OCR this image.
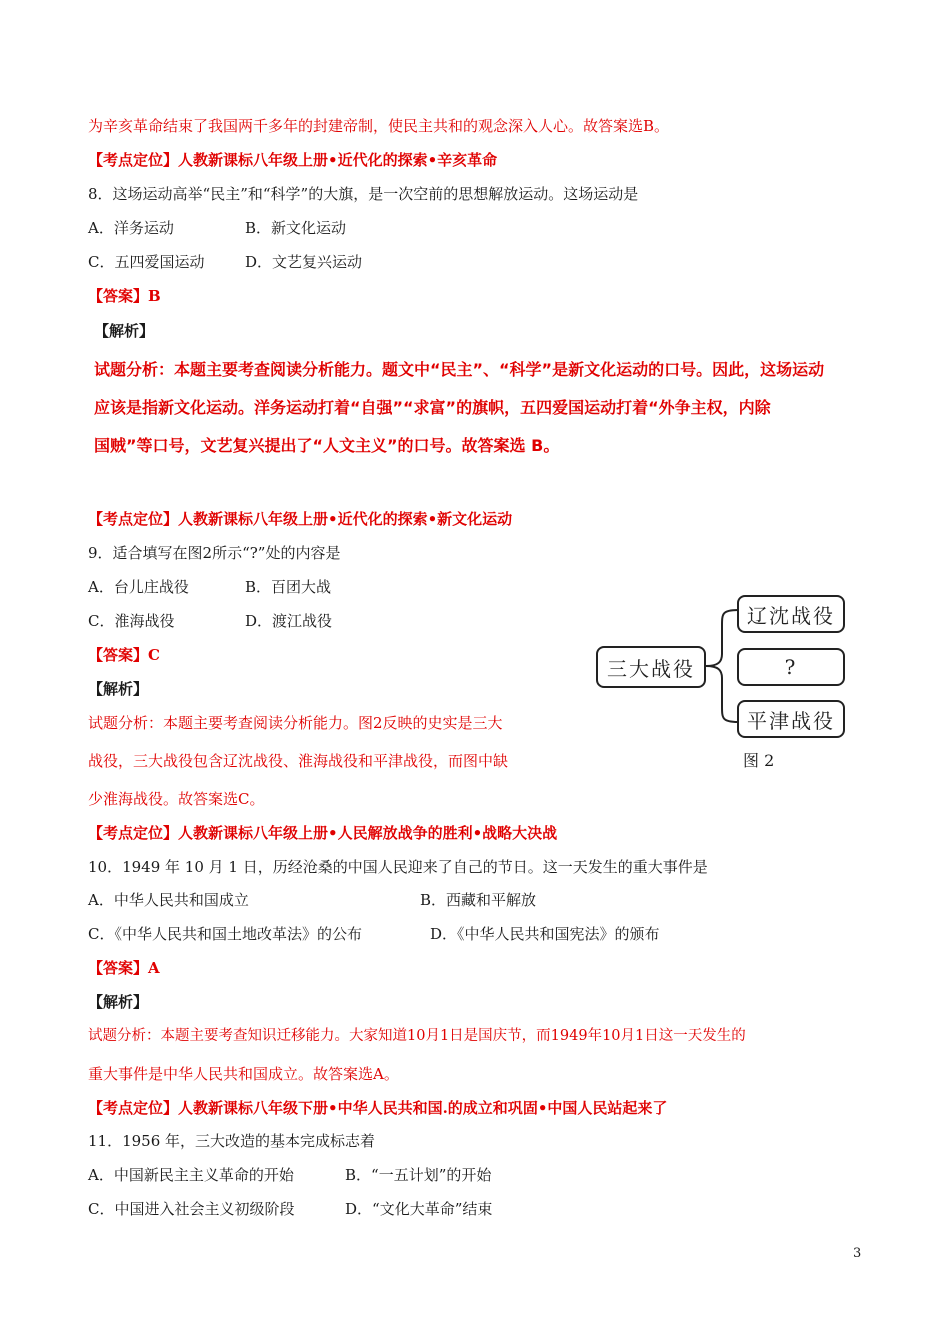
为辛亥革命结束了我国两千多年的封建帝制，使民主共和的观念深入人心。故答案选B。
【考点定位】人教新课标八年级上册•近代化的探索•辛亥革命
8．这场运动高举“民主”和“科学”的大旗，是一次空前的思想解放运动。这场运动是
A．洋务运动	B．新文化运动
C．五四爱国运动	D．文艺复兴运动
【答案】B
【解析】
试题分析：本题主要考查阅读分析能力。题文中“民主”、“科学”是新文化运动的口号。因此，这场运动
应该是指新文化运动。洋务运动打着“自强”“求富”的旗帜，五四爱国运动打着“外争主权，内除
国贼”等口号，文艺复兴提出了“人文主义”的口号。故答案选 B。
【考点定位】人教新课标八年级上册•近代化的探索•新文化运动
9．适合填写在图2所示“?”处的内容是
A．台儿庄战役	B．百团大战
C．淮海战役	D．渡江战役
【答案】C
【解析】
试题分析：本题主要考查阅读分析能力。图2反映的史实是三大
战役，三大战役包含辽沈战役、淮海战役和平津战役，而图中缺
少淮海战役。故答案选C。
【考点定位】人教新课标八年级上册•人民解放战争的胜利•战略大决战
三大战役
辽沈战役
?
平津战役
图 2
10．1949 年 10 月 1 日，历经沧桑的中国人民迎来了自己的节日。这一天发生的重大事件是
A．中华人民共和国成立	B．西藏和平解放
C．《中华人民共和国土地改革法》的公布	D．《中华人民共和国宪法》的颁布
【答案】A
【解析】
试题分析：本题主要考查知识迁移能力。大家知道10月1日是国庆节，而1949年10月1日这一天发生的
重大事件是中华人民共和国成立。故答案选A。
【考点定位】人教新课标八年级下册•中华人民共和国.的成立和巩固•中国人民站起来了
11．1956 年，三大改造的基本完成标志着
A．中国新民主主义革命的开始	B．“一五计划”的开始
C．中国进入社会主义初级阶段	D．“文化大革命”结束
3
